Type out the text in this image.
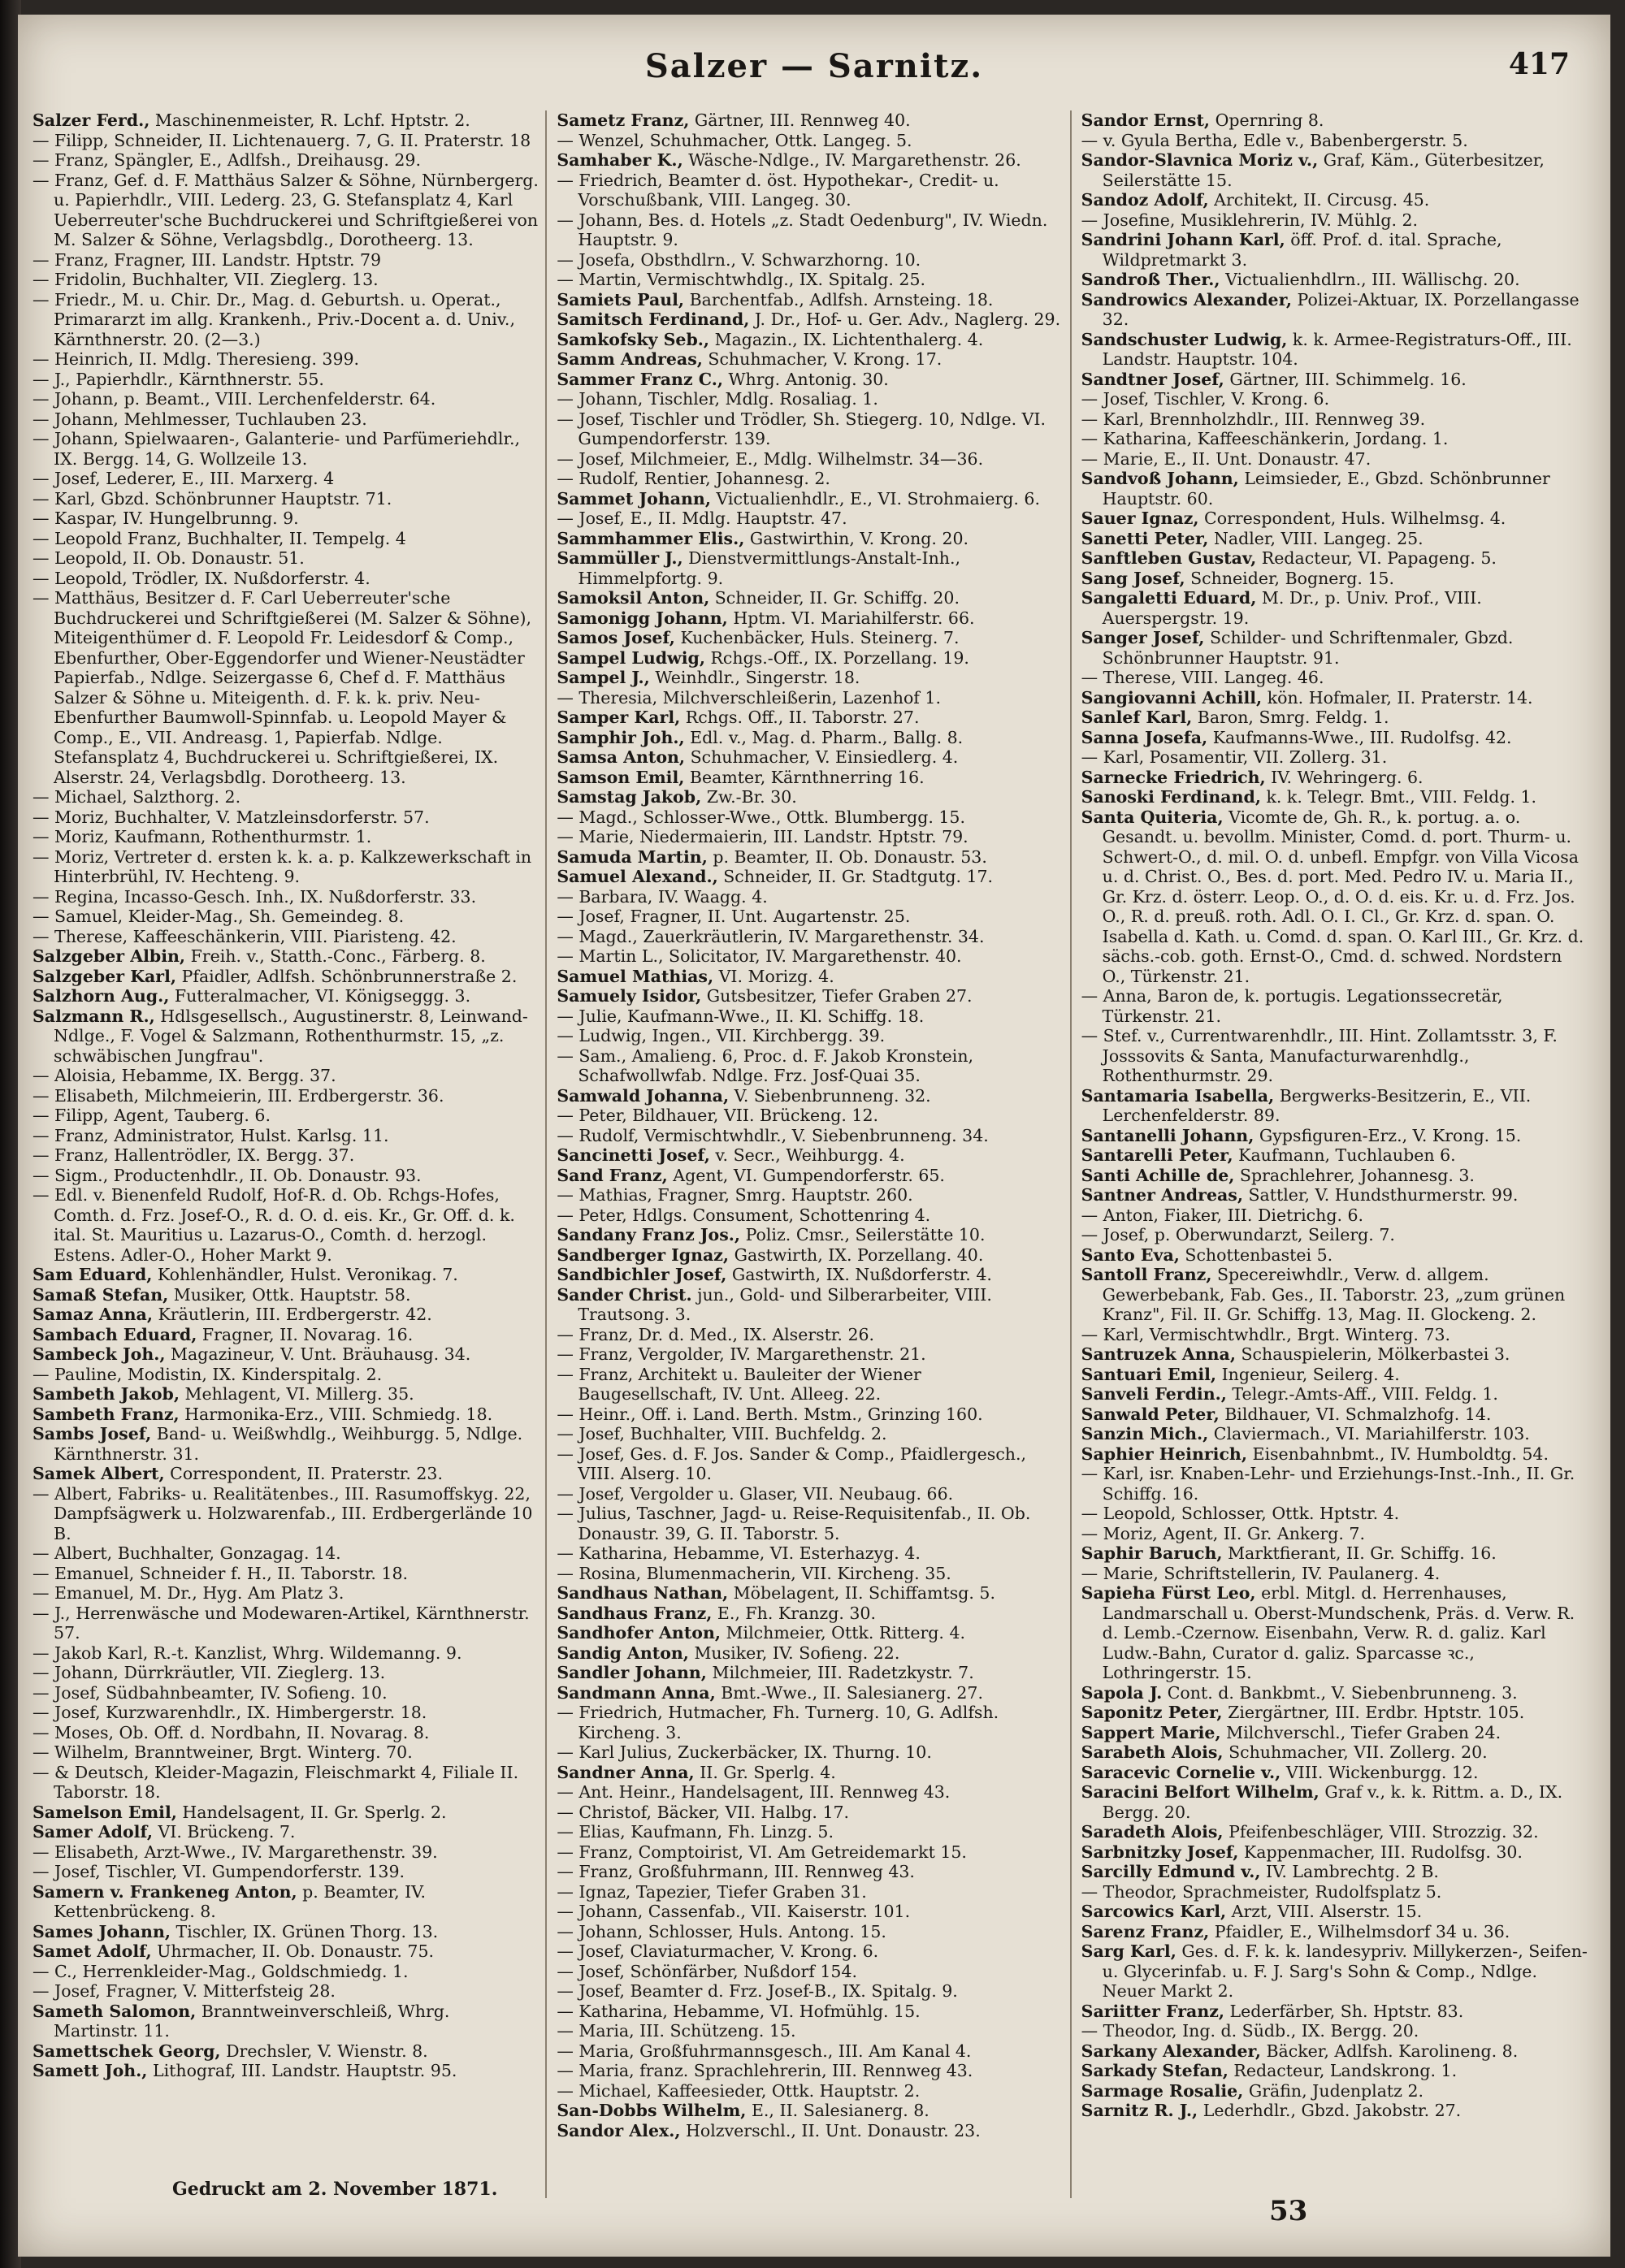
Salzer — Sarnitz.	417
Salzer Ferd., Maschinenmeister, R. Lchf. Hptstr. 2.
— Filipp, Schneider, II. Lichtenauerg. 7, G. II. Praterstr. 18
— Franz, Spängler, E., Adlfsh., Dreihausg. 29.
— Franz, Gef. d. F. Matthäus Salzer & Söhne, Nürnbergerg. u. Papierhdlr., VIII. Lederg. 23, G. Stefansplatz 4, Karl Ueberreuter'sche Buchdruckerei und Schriftgießerei von M. Salzer & Söhne, Verlagsbdlg., Dorotheerg. 13.
— Franz, Fragner, III. Landstr. Hptstr. 79
— Fridolin, Buchhalter, VII. Zieglerg. 13.
— Friedr., M. u. Chir. Dr., Mag. d. Geburtsh. u. Operat., Primararzt im allg. Krankenh., Priv.-Docent a. d. Univ., Kärnthnerstr. 20. (2—3.)
— Heinrich, II. Mdlg. Theresieng. 399.
— J., Papierhdlr., Kärnthnerstr. 55.
— Johann, p. Beamt., VIII. Lerchenfelderstr. 64.
— Johann, Mehlmesser, Tuchlauben 23.
— Johann, Spielwaaren-, Galanterie- und Parfümeriehdlr., IX. Bergg. 14, G. Wollzeile 13.
— Josef, Lederer, E., III. Marxerg. 4
— Karl, Gbzd. Schönbrunner Hauptstr. 71.
— Kaspar, IV. Hungelbrunng. 9.
— Leopold Franz, Buchhalter, II. Tempelg. 4
— Leopold, II. Ob. Donaustr. 51.
— Leopold, Trödler, IX. Nußdorferstr. 4.
— Matthäus, Besitzer d. F. Carl Ueberreuter'sche Buchdruckerei und Schriftgießerei (M. Salzer & Söhne), Miteigenthümer d. F. Leopold Fr. Leidesdorf & Comp., Ebenfurther, Ober-Eggendorfer und Wiener-Neustädter Papierfab., Ndlge. Seizergasse 6, Chef d. F. Matthäus Salzer & Söhne u. Miteigenth. d. F. k. k. priv. Neu-Ebenfurther Baumwoll-Spinnfab. u. Leopold Mayer & Comp., E., VII. Andreasg. 1, Papierfab. Ndlge. Stefansplatz 4, Buchdruckerei u. Schriftgießerei, IX. Alserstr. 24, Verlagsbdlg. Dorotheerg. 13.
— Michael, Salzthorg. 2.
— Moriz, Buchhalter, V. Matzleinsdorferstr. 57.
— Moriz, Kaufmann, Rothenthurmstr. 1.
— Moriz, Vertreter d. ersten k. k. a. p. Kalkzewerkschaft in Hinterbrühl, IV. Hechteng. 9.
— Regina, Incasso-Gesch. Inh., IX. Nußdorferstr. 33.
— Samuel, Kleider-Mag., Sh. Gemeindeg. 8.
— Therese, Kaffeeschänkerin, VIII. Piaristeng. 42.
Salzgeber Albin, Freih. v., Statth.-Conc., Färberg. 8.
Salzgeber Karl, Pfaidler, Adlfsh. Schönbrunnerstraße 2.
Salzhorn Aug., Futteralmacher, VI. Königseggg. 3.
Salzmann R., Hdlsgesellsch., Augustinerstr. 8, Leinwand-Ndlge., F. Vogel & Salzmann, Rothenthurmstr. 15, „z. schwäbischen Jungfrau".
— Aloisia, Hebamme, IX. Bergg. 37.
— Elisabeth, Milchmeierin, III. Erdbergerstr. 36.
— Filipp, Agent, Tauberg. 6.
— Franz, Administrator, Hulst. Karlsg. 11.
— Franz, Hallentrödler, IX. Bergg. 37.
— Sigm., Productenhdlr., II. Ob. Donaustr. 93.
— Edl. v. Bienenfeld Rudolf, Hof-R. d. Ob. Rchgs-Hofes, Comth. d. Frz. Josef-O., R. d. O. d. eis. Kr., Gr. Off. d. k. ital. St. Mauritius u. Lazarus-O., Comth. d. herzogl. Estens. Adler-O., Hoher Markt 9.
Sam Eduard, Kohlenhändler, Hulst. Veronikag. 7.
Samaß Stefan, Musiker, Ottk. Hauptstr. 58.
Samaz Anna, Kräutlerin, III. Erdbergerstr. 42.
Sambach Eduard, Fragner, II. Novarag. 16.
Sambeck Joh., Magazineur, V. Unt. Bräuhausg. 34.
— Pauline, Modistin, IX. Kinderspitalg. 2.
Sambeth Jakob, Mehlagent, VI. Millerg. 35.
Sambeth Franz, Harmonika-Erz., VIII. Schmiedg. 18.
Sambs Josef, Band- u. Weißwhdlg., Weihburgg. 5, Ndlge. Kärnthnerstr. 31.
Samek Albert, Correspondent, II. Praterstr. 23.
— Albert, Fabriks- u. Realitätenbes., III. Rasumoffskyg. 22, Dampfsägwerk u. Holzwarenfab., III. Erdbergerlände 10 B.
— Albert, Buchhalter, Gonzagag. 14.
— Emanuel, Schneider f. H., II. Taborstr. 18.
— Emanuel, M. Dr., Hyg. Am Platz 3.
— J., Herrenwäsche und Modewaren-Artikel, Kärnthnerstr. 57.
— Jakob Karl, R.-t. Kanzlist, Whrg. Wildemanng. 9.
— Johann, Dürrkräutler, VII. Zieglerg. 13.
— Josef, Südbahnbeamter, IV. Sofieng. 10.
— Josef, Kurzwarenhdlr., IX. Himbergerstr. 18.
— Moses, Ob. Off. d. Nordbahn, II. Novarag. 8.
— Wilhelm, Branntweiner, Brgt. Winterg. 70.
— & Deutsch, Kleider-Magazin, Fleischmarkt 4, Filiale II. Taborstr. 18.
Samelson Emil, Handelsagent, II. Gr. Sperlg. 2.
Samer Adolf, VI. Brückeng. 7.
— Elisabeth, Arzt-Wwe., IV. Margarethenstr. 39.
— Josef, Tischler, VI. Gumpendorferstr. 139.
Samern v. Frankeneg Anton, p. Beamter, IV. Kettenbrückeng. 8.
Sames Johann, Tischler, IX. Grünen Thorg. 13.
Samet Adolf, Uhrmacher, II. Ob. Donaustr. 75.
— C., Herrenkleider-Mag., Goldschmiedg. 1.
— Josef, Fragner, V. Mitterfsteig 28.
Sameth Salomon, Branntweinverschleiß, Whrg. Martinstr. 11.
Samettschek Georg, Drechsler, V. Wienstr. 8.
Samett Joh., Lithograf, III. Landstr. Hauptstr. 95.
Sametz Franz, Gärtner, III. Rennweg 40.
— Wenzel, Schuhmacher, Ottk. Langeg. 5.
Samhaber K., Wäsche-Ndlge., IV. Margarethenstr. 26.
— Friedrich, Beamter d. öst. Hypothekar-, Credit- u. Vorschußbank, VIII. Langeg. 30.
— Johann, Bes. d. Hotels „z. Stadt Oedenburg", IV. Wiedn. Hauptstr. 9.
— Josefa, Obsthdlrn., V. Schwarzhorng. 10.
— Martin, Vermischtwhdlg., IX. Spitalg. 25.
Samiets Paul, Barchentfab., Adlfsh. Arnsteing. 18.
Samitsch Ferdinand, J. Dr., Hof- u. Ger. Adv., Naglerg. 29.
Samkofsky Seb., Magazin., IX. Lichtenthalerg. 4.
Samm Andreas, Schuhmacher, V. Krong. 17.
Sammer Franz C., Whrg. Antonig. 30.
— Johann, Tischler, Mdlg. Rosaliag. 1.
— Josef, Tischler und Trödler, Sh. Stiegerg. 10, Ndlge. VI. Gumpendorferstr. 139.
— Josef, Milchmeier, E., Mdlg. Wilhelmstr. 34—36.
— Rudolf, Rentier, Johannesg. 2.
Sammet Johann, Victualienhdlr., E., VI. Strohmaierg. 6.
— Josef, E., II. Mdlg. Hauptstr. 47.
Sammhammer Elis., Gastwirthin, V. Krong. 20.
Sammüller J., Dienstvermittlungs-Anstalt-Inh., Himmelpfortg. 9.
Samoksil Anton, Schneider, II. Gr. Schiffg. 20.
Samonigg Johann, Hptm. VI. Mariahilferstr. 66.
Samos Josef, Kuchenbäcker, Huls. Steinerg. 7.
Sampel Ludwig, Rchgs.-Off., IX. Porzellang. 19.
Sampel J., Weinhdlr., Singerstr. 18.
— Theresia, Milchverschleißerin, Lazenhof 1.
Samper Karl, Rchgs. Off., II. Taborstr. 27.
Samphir Joh., Edl. v., Mag. d. Pharm., Ballg. 8.
Samsa Anton, Schuhmacher, V. Einsiedlerg. 4.
Samson Emil, Beamter, Kärnthnerring 16.
Samstag Jakob, Zw.-Br. 30.
— Magd., Schlosser-Wwe., Ottk. Blumbergg. 15.
— Marie, Niedermaierin, III. Landstr. Hptstr. 79.
Samuda Martin, p. Beamter, II. Ob. Donaustr. 53.
Samuel Alexand., Schneider, II. Gr. Stadtgutg. 17.
— Barbara, IV. Waagg. 4.
— Josef, Fragner, II. Unt. Augartenstr. 25.
— Magd., Zauerkräutlerin, IV. Margarethenstr. 34.
— Martin L., Solicitator, IV. Margarethenstr. 40.
Samuel Mathias, VI. Morizg. 4.
Samuely Isidor, Gutsbesitzer, Tiefer Graben 27.
— Julie, Kaufmann-Wwe., II. Kl. Schiffg. 18.
— Ludwig, Ingen., VII. Kirchbergg. 39.
— Sam., Amalieng. 6, Proc. d. F. Jakob Kronstein, Schafwollwfab. Ndlge. Frz. Josf-Quai 35.
Samwald Johanna, V. Siebenbrunneng. 32.
— Peter, Bildhauer, VII. Brückeng. 12.
— Rudolf, Vermischtwhdlr., V. Siebenbrunneng. 34.
Sancinetti Josef, v. Secr., Weihburgg. 4.
Sand Franz, Agent, VI. Gumpendorferstr. 65.
— Mathias, Fragner, Smrg. Hauptstr. 260.
— Peter, Hdlgs. Consument, Schottenring 4.
Sandany Franz Jos., Poliz. Cmsr., Seilerstätte 10.
Sandberger Ignaz, Gastwirth, IX. Porzellang. 40.
Sandbichler Josef, Gastwirth, IX. Nußdorferstr. 4.
Sander Christ. jun., Gold- und Silberarbeiter, VIII. Trautsong. 3.
— Franz, Dr. d. Med., IX. Alserstr. 26.
— Franz, Vergolder, IV. Margarethenstr. 21.
— Franz, Architekt u. Bauleiter der Wiener Baugesellschaft, IV. Unt. Alleeg. 22.
— Heinr., Off. i. Land. Berth. Mstm., Grinzing 160.
— Josef, Buchhalter, VIII. Buchfeldg. 2.
— Josef, Ges. d. F. Jos. Sander & Comp., Pfaidlergesch., VIII. Alserg. 10.
— Josef, Vergolder u. Glaser, VII. Neubaug. 66.
— Julius, Taschner, Jagd- u. Reise-Requisitenfab., II. Ob. Donaustr. 39, G. II. Taborstr. 5.
— Katharina, Hebamme, VI. Esterhazyg. 4.
— Rosina, Blumenmacherin, VII. Kircheng. 35.
Sandhaus Nathan, Möbelagent, II. Schiffamtsg. 5.
Sandhaus Franz, E., Fh. Kranzg. 30.
Sandhofer Anton, Milchmeier, Ottk. Ritterg. 4.
Sandig Anton, Musiker, IV. Sofieng. 22.
Sandler Johann, Milchmeier, III. Radetzkystr. 7.
Sandmann Anna, Bmt.-Wwe., II. Salesianerg. 27.
— Friedrich, Hutmacher, Fh. Turnerg. 10, G. Adlfsh. Kircheng. 3.
— Karl Julius, Zuckerbäcker, IX. Thurng. 10.
Sandner Anna, II. Gr. Sperlg. 4.
— Ant. Heinr., Handelsagent, III. Rennweg 43.
— Christof, Bäcker, VII. Halbg. 17.
— Elias, Kaufmann, Fh. Linzg. 5.
— Franz, Comptoirist, VI. Am Getreidemarkt 15.
— Franz, Großfuhrmann, III. Rennweg 43.
— Ignaz, Tapezier, Tiefer Graben 31.
— Johann, Cassenfab., VII. Kaiserstr. 101.
— Johann, Schlosser, Huls. Antong. 15.
— Josef, Claviaturmacher, V. Krong. 6.
— Josef, Schönfärber, Nußdorf 154.
— Josef, Beamter d. Frz. Josef-B., IX. Spitalg. 9.
— Katharina, Hebamme, VI. Hofmühlg. 15.
— Maria, III. Schützeng. 15.
— Maria, Großfuhrmannsgesch., III. Am Kanal 4.
— Maria, franz. Sprachlehrerin, III. Rennweg 43.
— Michael, Kaffeesieder, Ottk. Hauptstr. 2.
San-Dobbs Wilhelm, E., II. Salesianerg. 8.
Sandor Alex., Holzverschl., II. Unt. Donaustr. 23.
Sandor Ernst, Opernring 8.
— v. Gyula Bertha, Edle v., Babenbergerstr. 5.
Sandor-Slavnica Moriz v., Graf, Käm., Güterbesitzer, Seilerstätte 15.
Sandoz Adolf, Architekt, II. Circusg. 45.
— Josefine, Musiklehrerin, IV. Mühlg. 2.
Sandrini Johann Karl, öff. Prof. d. ital. Sprache, Wildpretmarkt 3.
Sandroß Ther., Victualienhdlrn., III. Wällischg. 20.
Sandrowics Alexander, Polizei-Aktuar, IX. Porzellangasse 32.
Sandschuster Ludwig, k. k. Armee-Registraturs-Off., III. Landstr. Hauptstr. 104.
Sandtner Josef, Gärtner, III. Schimmelg. 16.
— Josef, Tischler, V. Krong. 6.
— Karl, Brennholzhdlr., III. Rennweg 39.
— Katharina, Kaffeeschänkerin, Jordang. 1.
— Marie, E., II. Unt. Donaustr. 47.
Sandvoß Johann, Leimsieder, E., Gbzd. Schönbrunner Hauptstr. 60.
Sauer Ignaz, Correspondent, Huls. Wilhelmsg. 4.
Sanetti Peter, Nadler, VIII. Langeg. 25.
Sanftleben Gustav, Redacteur, VI. Papageng. 5.
Sang Josef, Schneider, Bognerg. 15.
Sangaletti Eduard, M. Dr., p. Univ. Prof., VIII. Auerspergstr. 19.
Sanger Josef, Schilder- und Schriftenmaler, Gbzd. Schönbrunner Hauptstr. 91.
— Therese, VIII. Langeg. 46.
Sangiovanni Achill, kön. Hofmaler, II. Praterstr. 14.
Sanlef Karl, Baron, Smrg. Feldg. 1.
Sanna Josefa, Kaufmanns-Wwe., III. Rudolfsg. 42.
— Karl, Posamentir, VII. Zollerg. 31.
Sarnecke Friedrich, IV. Wehringerg. 6.
Sanoski Ferdinand, k. k. Telegr. Bmt., VIII. Feldg. 1.
Santa Quiteria, Vicomte de, Gh. R., k. portug. a. o. Gesandt. u. bevollm. Minister, Comd. d. port. Thurm- u. Schwert-O., d. mil. O. d. unbefl. Empfgr. von Villa Vicosa u. d. Christ. O., Bes. d. port. Med. Pedro IV. u. Maria II., Gr. Krz. d. österr. Leop. O., d. O. d. eis. Kr. u. d. Frz. Jos. O., R. d. preuß. roth. Adl. O. I. Cl., Gr. Krz. d. span. O. Isabella d. Kath. u. Comd. d. span. O. Karl III., Gr. Krz. d. sächs.-cob. goth. Ernst-O., Cmd. d. schwed. Nordstern O., Türkenstr. 21.
— Anna, Baron de, k. portugis. Legationssecretär, Türkenstr. 21.
— Stef. v., Currentwarenhdlr., III. Hint. Zollamtsstr. 3, F. Josssovits & Santa, Manufacturwarenhdlg., Rothenthurmstr. 29.
Santamaria Isabella, Bergwerks-Besitzerin, E., VII. Lerchenfelderstr. 89.
Santanelli Johann, Gypsfiguren-Erz., V. Krong. 15.
Santarelli Peter, Kaufmann, Tuchlauben 6.
Santi Achille de, Sprachlehrer, Johannesg. 3.
Santner Andreas, Sattler, V. Hundsthurmerstr. 99.
— Anton, Fiaker, III. Dietrichg. 6.
— Josef, p. Oberwundarzt, Seilerg. 7.
Santo Eva, Schottenbastei 5.
Santoll Franz, Specereiwhdlr., Verw. d. allgem. Gewerbebank, Fab. Ges., II. Taborstr. 23, „zum grünen Kranz", Fil. II. Gr. Schiffg. 13, Mag. II. Glockeng. 2.
— Karl, Vermischtwhdlr., Brgt. Winterg. 73.
Santruzek Anna, Schauspielerin, Mölkerbastei 3.
Santuari Emil, Ingenieur, Seilerg. 4.
Sanveli Ferdin., Telegr.-Amts-Aff., VIII. Feldg. 1.
Sanwald Peter, Bildhauer, VI. Schmalzhofg. 14.
Sanzin Mich., Claviermach., VI. Mariahilferstr. 103.
Saphier Heinrich, Eisenbahnbmt., IV. Humboldtg. 54.
— Karl, isr. Knaben-Lehr- und Erziehungs-Inst.-Inh., II. Gr. Schiffg. 16.
— Leopold, Schlosser, Ottk. Hptstr. 4.
— Moriz, Agent, II. Gr. Ankerg. 7.
Saphir Baruch, Marktfierant, II. Gr. Schiffg. 16.
— Marie, Schriftstellerin, IV. Paulanerg. 4.
Sapieha Fürst Leo, erbl. Mitgl. d. Herrenhauses, Landmarschall u. Oberst-Mundschenk, Präs. d. Verw. R. d. Lemb.-Czernow. Eisenbahn, Verw. R. d. galiz. Karl Ludw.-Bahn, Curator d. galiz. Sparcasse ꝛc., Lothringerstr. 15.
Sapola J. Cont. d. Bankbmt., V. Siebenbrunneng. 3.
Saponitz Peter, Ziergärtner, III. Erdbr. Hptstr. 105.
Sappert Marie, Milchverschl., Tiefer Graben 24.
Sarabeth Alois, Schuhmacher, VII. Zollerg. 20.
Saracevic Cornelie v., VIII. Wickenburgg. 12.
Saracini Belfort Wilhelm, Graf v., k. k. Rittm. a. D., IX. Bergg. 20.
Saradeth Alois, Pfeifenbeschläger, VIII. Strozzig. 32.
Sarbnitzky Josef, Kappenmacher, III. Rudolfsg. 30.
Sarcilly Edmund v., IV. Lambrechtg. 2 B.
— Theodor, Sprachmeister, Rudolfsplatz 5.
Sarcowics Karl, Arzt, VIII. Alserstr. 15.
Sarenz Franz, Pfaidler, E., Wilhelmsdorf 34 u. 36.
Sarg Karl, Ges. d. F. k. k. landesypriv. Millykerzen-, Seifen- u. Glycerinfab. u. F. J. Sarg's Sohn & Comp., Ndlge. Neuer Markt 2.
Sariitter Franz, Lederfärber, Sh. Hptstr. 83.
— Theodor, Ing. d. Südb., IX. Bergg. 20.
Sarkany Alexander, Bäcker, Adlfsh. Karolineng. 8.
Sarkady Stefan, Redacteur, Landskrong. 1.
Sarmage Rosalie, Gräfin, Judenplatz 2.
Sarnitz R. J., Lederhdlr., Gbzd. Jakobstr. 27.
Gedruckt am 2. November 1871.
53
